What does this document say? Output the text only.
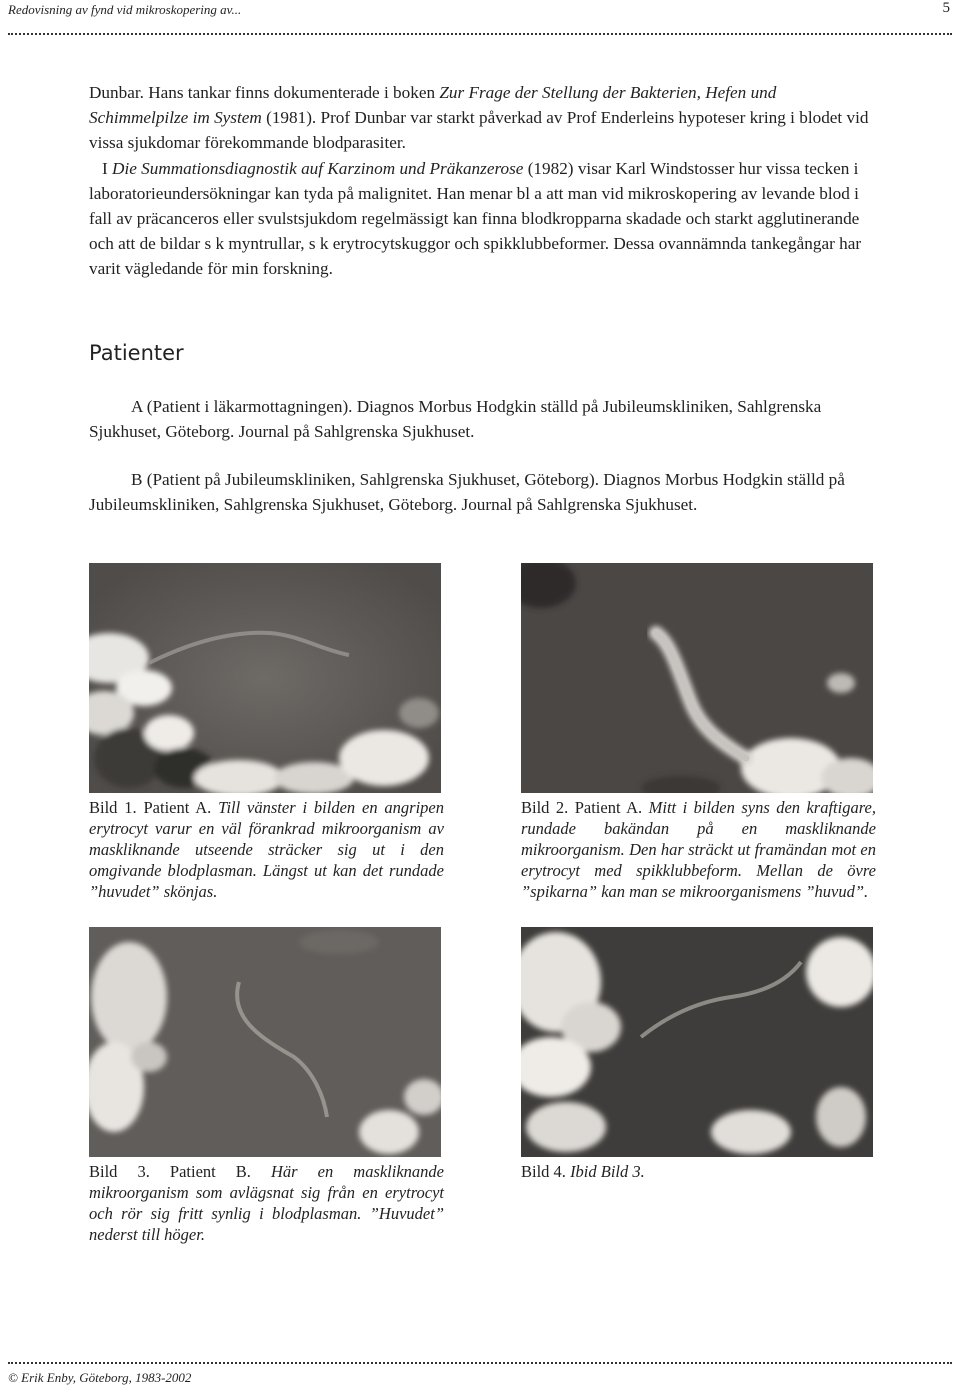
Redovisning av fynd vid mikroskopering av...	5

Dunbar. Hans tankar finns dokumenterade i boken Zur Frage der Stellung der Bakterien, Hefen und Schimmelpilze im System (1981). Prof Dunbar var starkt påverkad av Prof Enderleins hypoteser kring i blodet vid vissa sjukdomar förekommande blodparasiter.

I Die Summationsdiagnostik auf Karzinom und Präkanzerose (1982) visar Karl Windstosser hur vissa tecken i laboratorieundersökningar kan tyda på malignitet. Han menar bl a att man vid mikroskopering av levande blod i fall av präcanceros eller svulstsjukdom regelmässigt kan finna blodkropparna skadade och starkt agglutinerande och att de bildar s k myntrullar, s k erytrocytskuggor och spikklubbeformer. Dessa ovannämnda tankegångar har varit vägledande för min forskning.

Patienter

A (Patient i läkarmottagningen). Diagnos Morbus Hodgkin ställd på Jubileumskliniken, Sahlgrenska Sjukhuset, Göteborg. Journal på Sahlgrenska Sjukhuset.

B (Patient på Jubileumskliniken, Sahlgrenska Sjukhuset, Göteborg). Diagnos Morbus Hodgkin ställd på Jubileumskliniken, Sahlgrenska Sjukhuset, Göteborg. Journal på Sahlgrenska Sjukhuset.

Bild 1. Patient A. Till vänster i bilden en angripen erytrocyt varur en väl förankrad mikroorganism av maskliknande utseende sträcker sig ut i den omgivande blodplasman. Längst ut kan det rundade ”huvudet” skönjas.

Bild 2. Patient A. Mitt i bilden syns den kraftigare, rundade bakändan på en maskliknande mikroorganism. Den har sträckt ut framändan mot en erytrocyt med spikklubbeform. Mellan de övre ”spikarna” kan man se mikroorganismens ”huvud”.

Bild 3. Patient B. Här en maskliknande mikroorganism som avlägsnat sig från en erytrocyt och rör sig fritt synlig i blodplasman. ”Huvudet” nederst till höger.

Bild 4. Ibid Bild 3.

© Erik Enby, Göteborg, 1983-2002
